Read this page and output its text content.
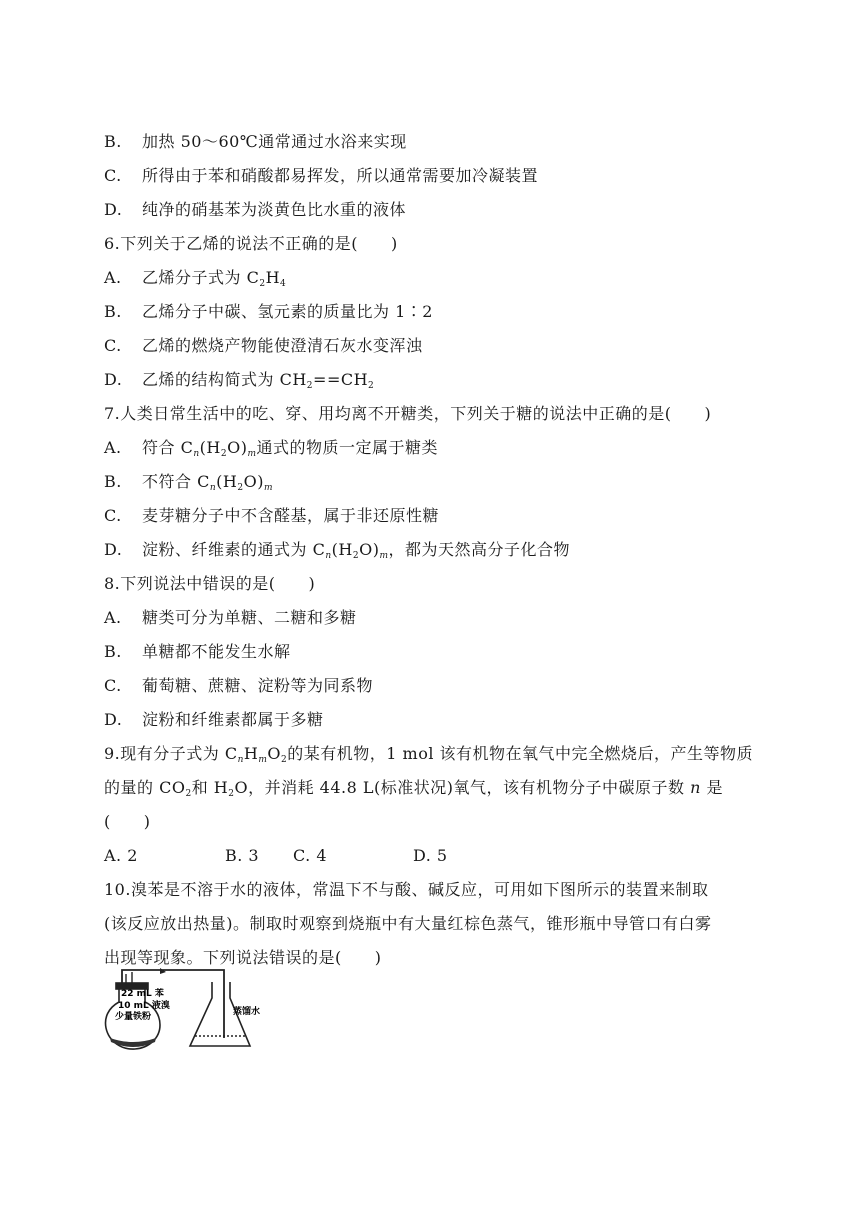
B. 加热 50～60℃通常通过水浴来实现
C. 所得由于苯和硝酸都易挥发，所以通常需要加冷凝装置
D. 纯净的硝基苯为淡黄色比水重的液体
6.下列关于乙烯的说法不正确的是(　　)
A. 乙烯分子式为 $C_2H_4$
B. 乙烯分子中碳、氢元素的质量比为 1∶2
C. 乙烯的燃烧产物能使澄清石灰水变浑浊
D. 乙烯的结构简式为 $CH_2==CH_2$
7.人类日常生活中的吃、穿、用均离不开糖类，下列关于糖的说法中正确的是(　　)
A. 符合 $C_n(H_2O)_m$通式的物质一定属于糖类
B. 不符合 $C_n(H_2O)_m$
C. 麦芽糖分子中不含醛基，属于非还原性糖
D. 淀粉、纤维素的通式为 $C_n(H_2O)_m$，都为天然高分子化合物
8.下列说法中错误的是(　　)
A. 糖类可分为单糖、二糖和多糖
B. 单糖都不能发生水解
C. 葡萄糖、蔗糖、淀粉等为同系物
D. 淀粉和纤维素都属于多糖
9.现有分子式为 $C_nH_mO_2$的某有机物，1 mol 该有机物在氧气中完全燃烧后，产生等物质
的量的 $CO_2$和 $H_2O$，并消耗 44.8 L(标准状况)氧气，该有机物分子中碳原子数 n 是
(　　)
A. 2	B. 3 C. 4	D. 5
10.溴苯是不溶于水的液体，常温下不与酸、碱反应，可用如下图所示的装置来制取
(该反应放出热量)。制取时观察到烧瓶中有大量红棕色蒸气，锥形瓶中导管口有白雾
出现等现象。下列说法错误的是(　　)
22 mL 苯
10 mL 液溴
少量铁粉	蒸馏水
